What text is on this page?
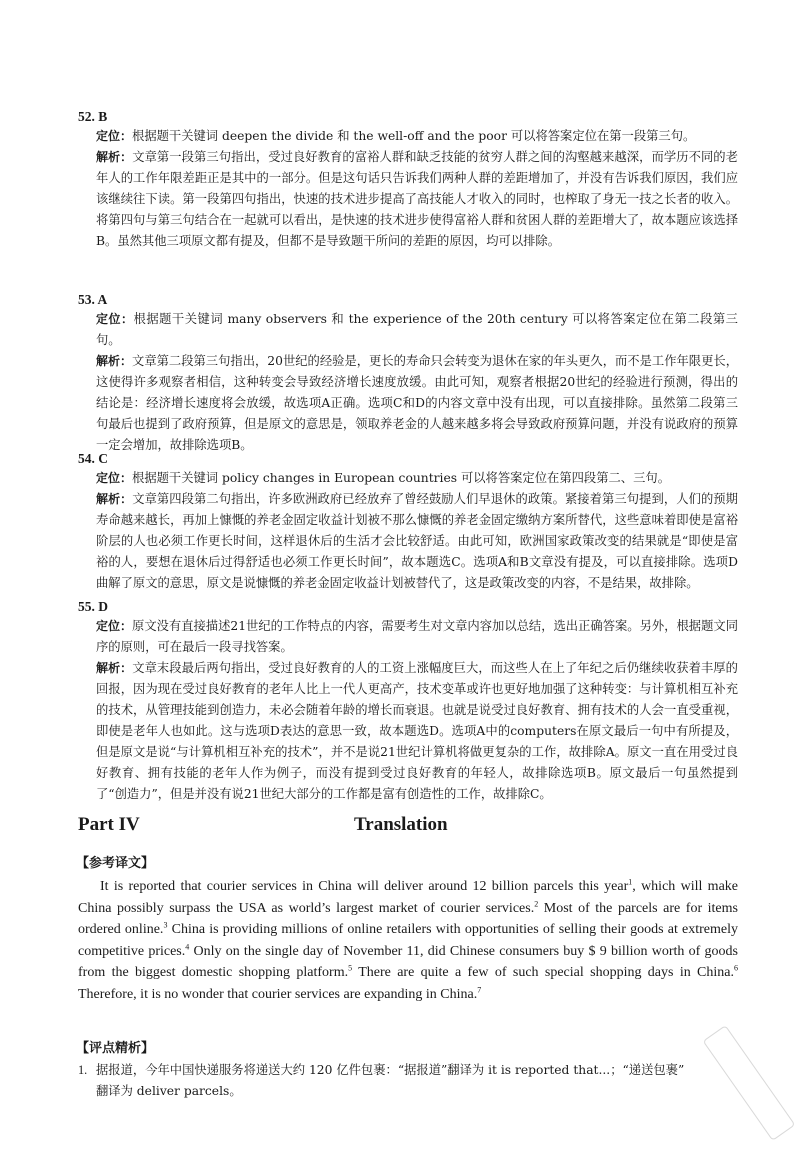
52. B

定位：根据题干关键词 deepen the divide 和 the well-off and the poor 可以将答案定位在第一段第三句。

解析：文章第一段第三句指出，受过良好教育的富裕人群和缺乏技能的贫穷人群之间的沟壑越来越深，而学历不同的老年人的工作年限差距正是其中的一部分。但是这句话只告诉我们两种人群的差距增加了，并没有告诉我们原因，我们应该继续往下读。第一段第四句指出，快速的技术进步提高了高技能人才收入的同时，也榨取了身无一技之长者的收入。将第四句与第三句结合在一起就可以看出，是快速的技术进步使得富裕人群和贫困人群的差距增大了，故本题应该选择B。虽然其他三项原文都有提及，但都不是导致题干所问的差距的原因，均可以排除。

53. A

定位：根据题干关键词 many observers 和 the experience of the 20th century 可以将答案定位在第二段第三句。

解析：文章第二段第三句指出，20世纪的经验是，更长的寿命只会转变为退休在家的年头更久，而不是工作年限更长，这使得许多观察者相信，这种转变会导致经济增长速度放缓。由此可知，观察者根据20世纪的经验进行预测，得出的结论是：经济增长速度将会放缓，故选项A正确。选项C和D的内容文章中没有出现，可以直接排除。虽然第二段第三句最后也提到了政府预算，但是原文的意思是，领取养老金的人越来越多将会导致政府预算问题，并没有说政府的预算一定会增加，故排除选项B。

54. C

定位：根据题干关键词 policy changes in European countries 可以将答案定位在第四段第二、三句。

解析：文章第四段第二句指出，许多欧洲政府已经放弃了曾经鼓励人们早退休的政策。紧接着第三句提到，人们的预期寿命越来越长，再加上慷慨的养老金固定收益计划被不那么慷慨的养老金固定缴纳方案所替代，这些意味着即使是富裕阶层的人也必须工作更长时间，这样退休后的生活才会比较舒适。由此可知，欧洲国家政策改变的结果就是“即使是富裕的人，要想在退休后过得舒适也必须工作更长时间”，故本题选C。选项A和B文章没有提及，可以直接排除。选项D曲解了原文的意思，原文是说慷慨的养老金固定收益计划被替代了，这是政策改变的内容，不是结果，故排除。

55. D

定位：原文没有直接描述21世纪的工作特点的内容，需要考生对文章内容加以总结，选出正确答案。另外，根据题文同序的原则，可在最后一段寻找答案。

解析：文章末段最后两句指出，受过良好教育的人的工资上涨幅度巨大，而这些人在上了年纪之后仍继续收获着丰厚的回报，因为现在受过良好教育的老年人比上一代人更高产，技术变革或许也更好地加强了这种转变：与计算机相互补充的技术，从管理技能到创造力，未必会随着年龄的增长而衰退。也就是说受过良好教育、拥有技术的人会一直受重视，即使是老年人也如此。这与选项D表达的意思一致，故本题选D。选项A中的computers在原文最后一句中有所提及，但是原文是说“与计算机相互补充的技术”，并不是说21世纪计算机将做更复杂的工作，故排除A。原文一直在用受过良好教育、拥有技能的老年人作为例子，而没有提到受过良好教育的年轻人，故排除选项B。原文最后一句虽然提到了“创造力”，但是并没有说21世纪大部分的工作都是富有创造性的工作，故排除C。

Part IV	Translation
【参考译文】

It is reported that courier services in China will deliver around 12 billion parcels this year$^1$, which will make China possibly surpass the USA as world’s largest market of courier services.$^2$ Most of the parcels are for items ordered online.$^3$ China is providing millions of online retailers with opportunities of selling their goods at extremely competitive prices.$^4$ Only on the single day of November 11, did Chinese consumers buy $ 9 billion worth of goods from the biggest domestic shopping platform.$^5$ There are quite a few of such special shopping days in China.$^6$ Therefore, it is no wonder that courier services are expanding in China.$^7$

【评点精析】
1. 据报道，今年中国快递服务将递送大约 120 亿件包裹：“据报道”翻译为 it is reported that...；“递送包裹”
翻译为 deliver parcels。
